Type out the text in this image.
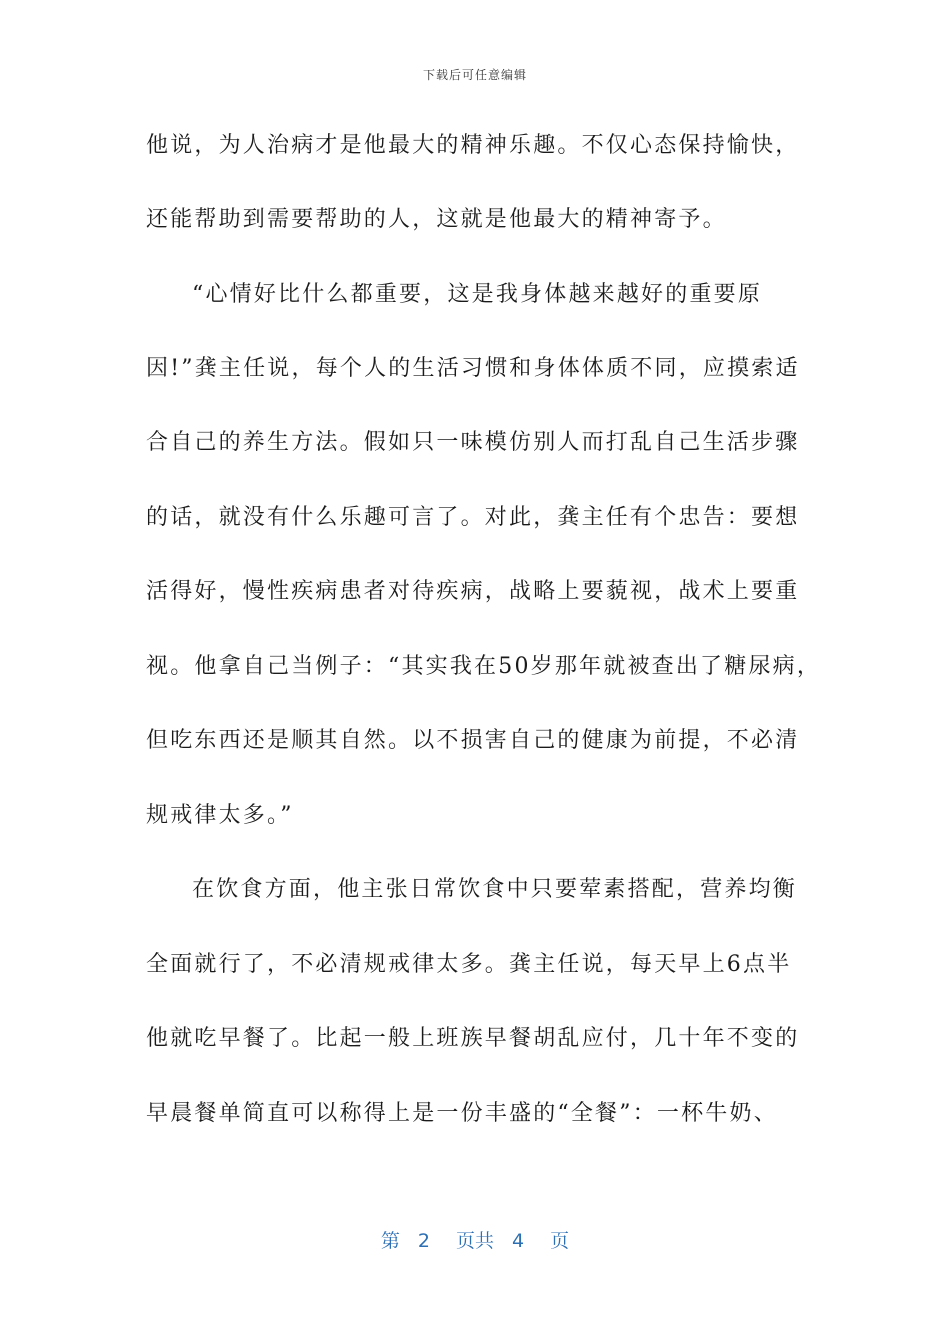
下载后可任意编辑
他说，为人治病才是他最大的精神乐趣。不仅心态保持愉快，
还能帮助到需要帮助的人，这就是他最大的精神寄予。
“心情好比什么都重要，这是我身体越来越好的重要原
因!”龚主任说，每个人的生活习惯和身体体质不同，应摸索适
合自己的养生方法。假如只一味模仿别人而打乱自己生活步骤
的话，就没有什么乐趣可言了。对此，龚主任有个忠告：要想
活得好，慢性疾病患者对待疾病，战略上要藐视，战术上要重
视。他拿自己当例子：“其实我在50岁那年就被查出了糖尿病，
但吃东西还是顺其自然。以不损害自己的健康为前提，不必清
规戒律太多。”
在饮食方面，他主张日常饮食中只要荤素搭配，营养均衡
全面就行了，不必清规戒律太多。龚主任说，每天早上6点半
他就吃早餐了。比起一般上班族早餐胡乱应付，几十年不变的
早晨餐单简直可以称得上是一份丰盛的“全餐”：一杯牛奶、
第 2 页共 4 页
